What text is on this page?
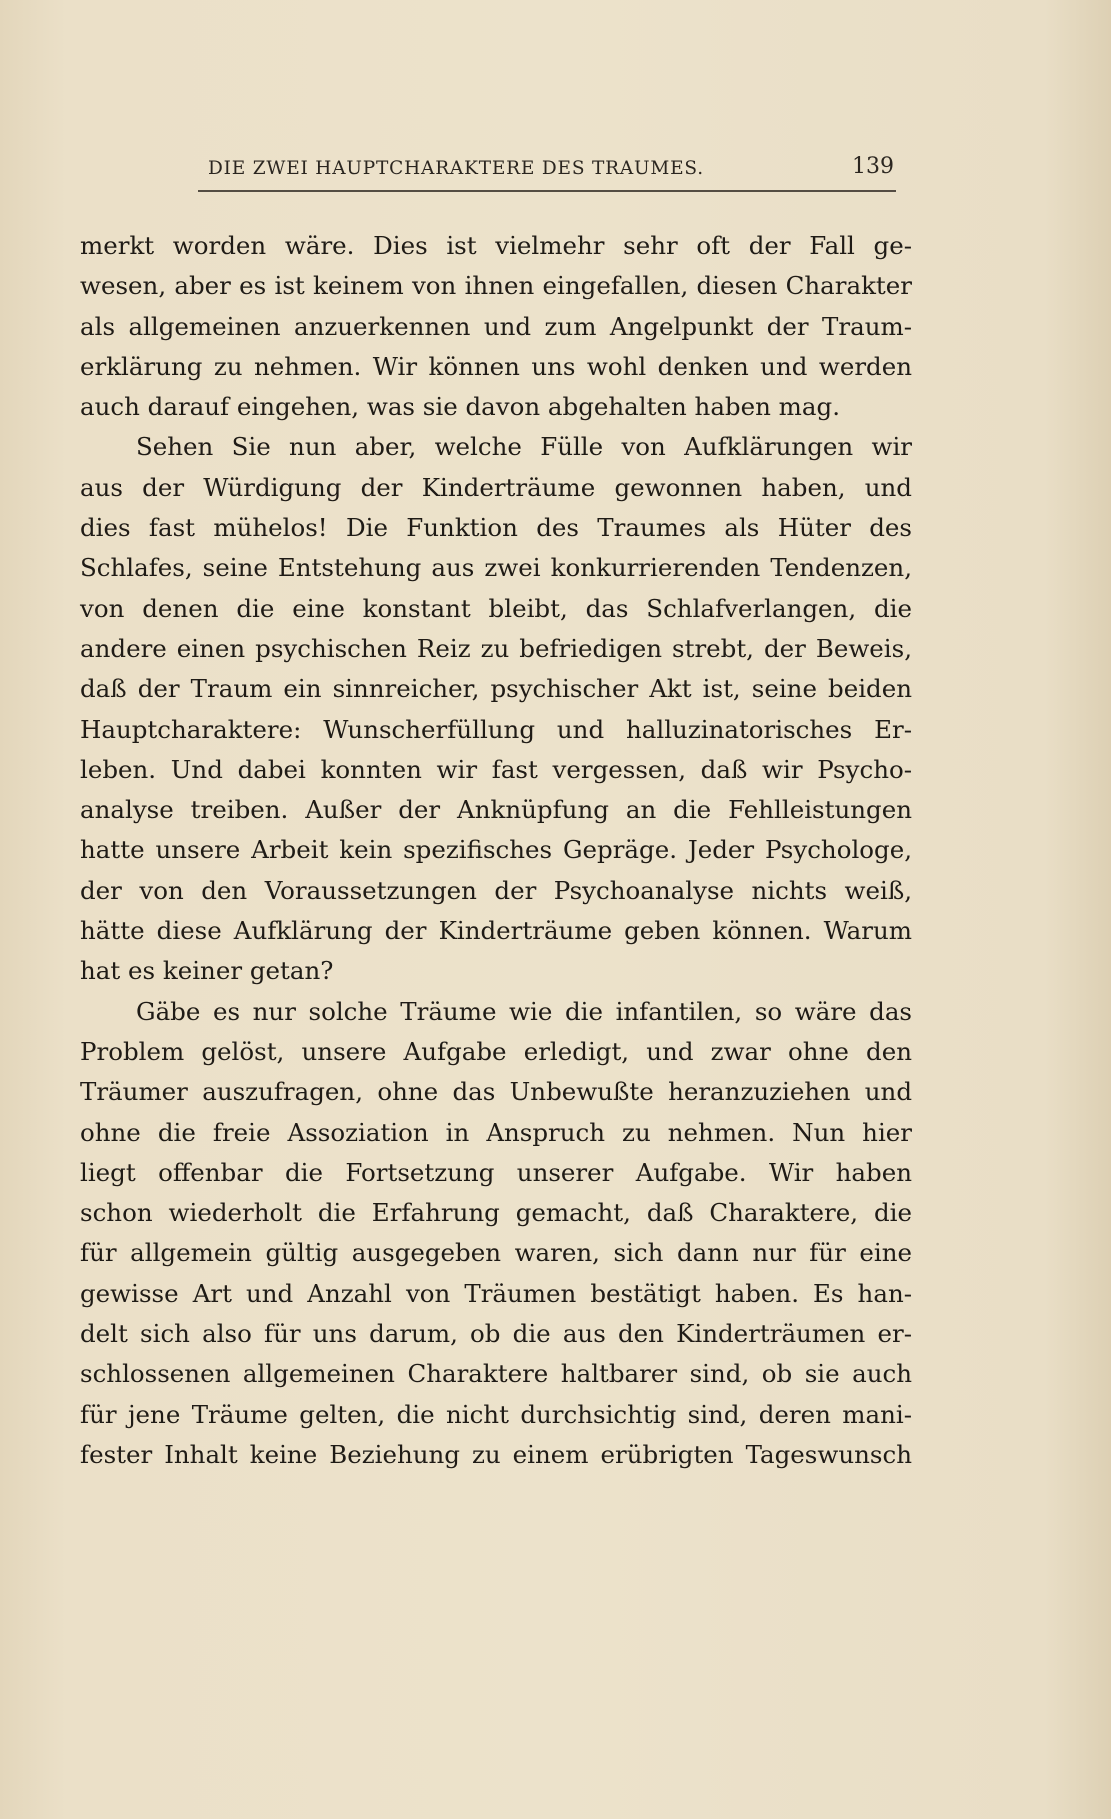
DIE ZWEI HAUPTCHARAKTERE DES TRAUMES.	139
merkt worden wäre. Dies ist vielmehr sehr oft der Fall ge-
wesen, aber es ist keinem von ihnen eingefallen, diesen Charakter
als allgemeinen anzuerkennen und zum Angelpunkt der Traum-
erklärung zu nehmen. Wir können uns wohl denken und werden
auch darauf eingehen, was sie davon abgehalten haben mag.
Sehen Sie nun aber, welche Fülle von Aufklärungen wir
aus der Würdigung der Kinderträume gewonnen haben, und
dies fast mühelos! Die Funktion des Traumes als Hüter des
Schlafes, seine Entstehung aus zwei konkurrierenden Tendenzen,
von denen die eine konstant bleibt, das Schlafverlangen, die
andere einen psychischen Reiz zu befriedigen strebt, der Beweis,
daß der Traum ein sinnreicher, psychischer Akt ist, seine beiden
Hauptcharaktere: Wunscherfüllung und halluzinatorisches Er-
leben. Und dabei konnten wir fast vergessen, daß wir Psycho-
analyse treiben. Außer der Anknüpfung an die Fehlleistungen
hatte unsere Arbeit kein spezifisches Gepräge. Jeder Psychologe,
der von den Voraussetzungen der Psychoanalyse nichts weiß,
hätte diese Aufklärung der Kinderträume geben können. Warum
hat es keiner getan?
Gäbe es nur solche Träume wie die infantilen, so wäre das
Problem gelöst, unsere Aufgabe erledigt, und zwar ohne den
Träumer auszufragen, ohne das Unbewußte heranzuziehen und
ohne die freie Assoziation in Anspruch zu nehmen. Nun hier
liegt offenbar die Fortsetzung unserer Aufgabe. Wir haben
schon wiederholt die Erfahrung gemacht, daß Charaktere, die
für allgemein gültig ausgegeben waren, sich dann nur für eine
gewisse Art und Anzahl von Träumen bestätigt haben. Es han-
delt sich also für uns darum, ob die aus den Kinderträumen er-
schlossenen allgemeinen Charaktere haltbarer sind, ob sie auch
für jene Träume gelten, die nicht durchsichtig sind, deren mani-
fester Inhalt keine Beziehung zu einem erübrigten Tageswunsch
